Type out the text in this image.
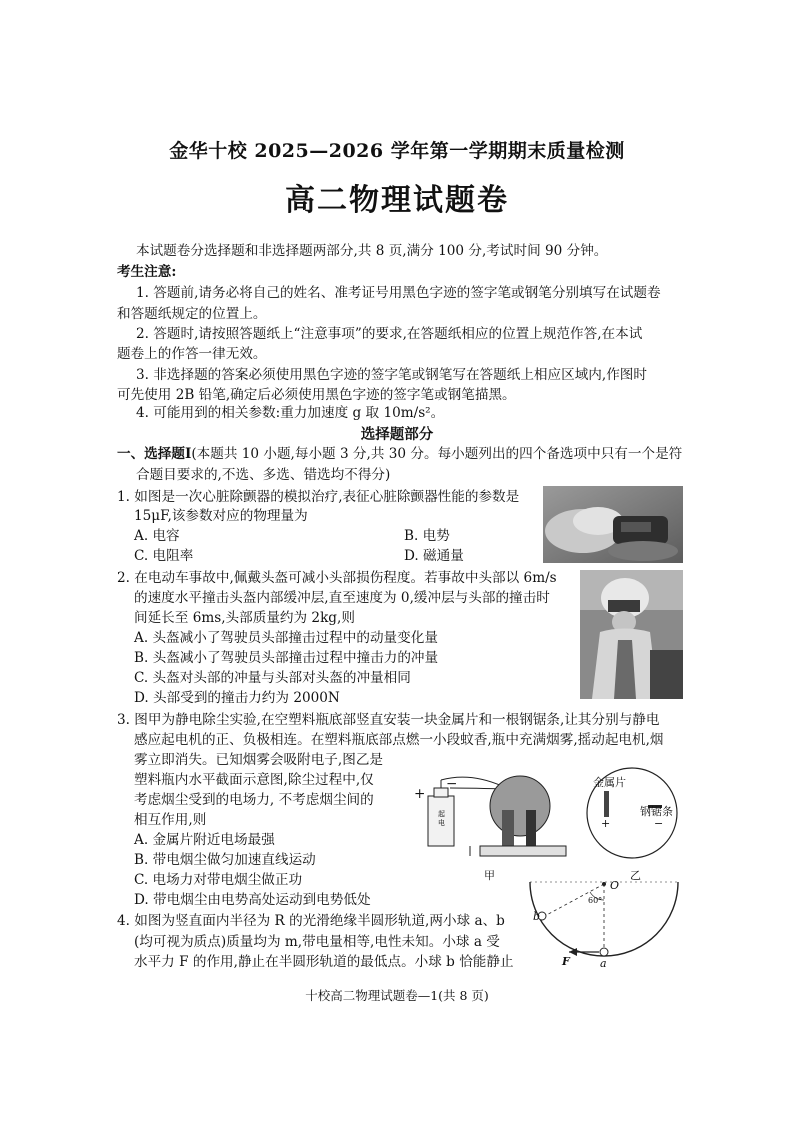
金华十校 2025—2026 学年第一学期期末质量检测
高二物理试题卷
本试题卷分选择题和非选择题两部分,共 8 页,满分 100 分,考试时间 90 分钟。
考生注意:
1. 答题前,请务必将自己的姓名、准考证号用黑色字迹的签字笔或钢笔分别填写在试题卷
和答题纸规定的位置上。
2. 答题时,请按照答题纸上“注意事项”的要求,在答题纸相应的位置上规范作答,在本试
题卷上的作答一律无效。
3. 非选择题的答案必须使用黑色字迹的签字笔或钢笔写在答题纸上相应区域内,作图时
可先使用 2B 铅笔,确定后必须使用黑色字迹的签字笔或钢笔描黑。
4. 可能用到的相关参数:重力加速度 g 取 10m/s²。
选择题部分
一、选择题Ⅰ(本题共 10 小题,每小题 3 分,共 30 分。每小题列出的四个备选项中只有一个是符
合题目要求的,不选、多选、错选均不得分)
1. 如图是一次心脏除颤器的模拟治疗,表征心脏除颤器性能的参数是
15μF,该参数对应的物理量为
A. 电容	B. 电势
C. 电阻率	D. 磁通量
2. 在电动车事故中,佩戴头盔可减小头部损伤程度。若事故中头部以 6m/s
的速度水平撞击头盔内部缓冲层,直至速度为 0,缓冲层与头部的撞击时
间延长至 6ms,头部质量约为 2kg,则
A. 头盔减小了驾驶员头部撞击过程中的动量变化量
B. 头盔减小了驾驶员头部撞击过程中撞击力的冲量
C. 头盔对头部的冲量与头部对头盔的冲量相同
D. 头部受到的撞击力约为 2000N
3. 图甲为静电除尘实验,在空塑料瓶底部竖直安装一块金属片和一根钢锯条,让其分别与静电
感应起电机的正、负极相连。在塑料瓶底部点燃一小段蚊香,瓶中充满烟雾,摇动起电机,烟
雾立即消失。已知烟雾会吸附电子,图乙是
塑料瓶内水平截面示意图,除尘过程中,仅
考虑烟尘受到的电场力, 不考虑烟尘间的
相互作用,则
A. 金属片附近电场最强
B. 带电烟尘做匀加速直线运动
C. 电场力对带电烟尘做正功
D. 带电烟尘由电势高处运动到电势低处
起
电
+
−
甲
金属片
钢锯条
+	−
乙
4. 如图为竖直面内半径为 R 的光滑绝缘半圆形轨道,两小球 a、b
(均可视为质点)质量均为 m,带电量相等,电性未知。小球 a 受
水平力 F 的作用,静止在半圆形轨道的最低点。小球 b 恰能静止
O
60°
b
a
F
十校高二物理试题卷—1(共 8 页)
